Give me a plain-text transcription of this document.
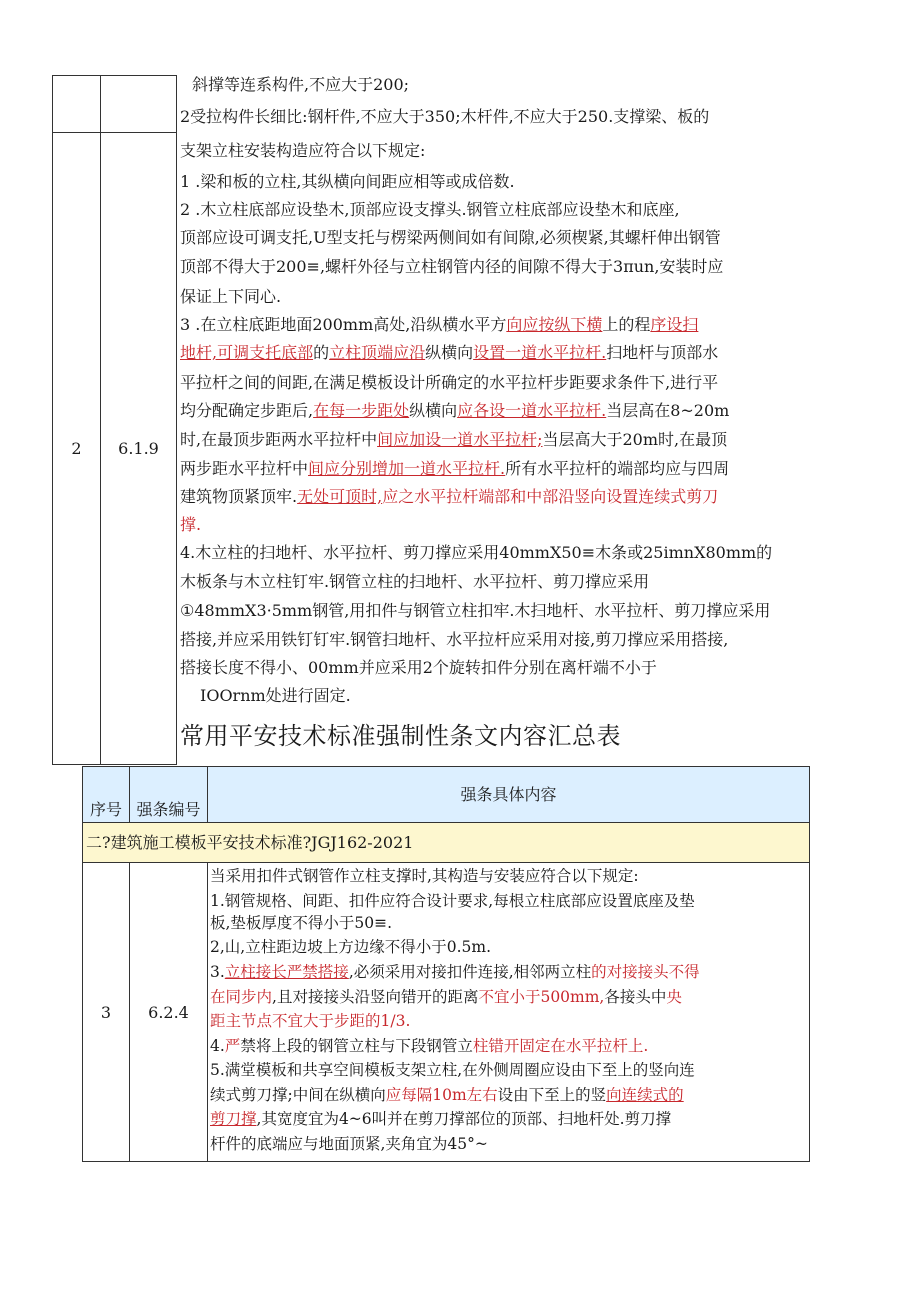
2 6.1.9
斜撑等连系构件,不应大于200;
2受拉构件长细比:钢杆件,不应大于350;木杆件,不应大于250.支撑梁、板的
支架立柱安装构造应符合以下规定:
1 .梁和板的立柱,其纵横向间距应相等或成倍数.
2 .木立柱底部应设垫木,顶部应设支撑头.钢管立柱底部应设垫木和底座,
顶部应设可调支托,U型支托与楞梁两侧间如有间隙,必须楔紧,其螺杆伸出钢管
顶部不得大于200≡,螺杆外径与立柱钢管内径的间隙不得大于3πun,安装时应
保证上下同心.
3 .在立柱底距地面200mm高处,沿纵横水平方向应按纵下横上的程序设扫
地杆,可调支托底部的立柱顶端应沿纵横向设置一道水平拉杆.扫地杆与顶部水
平拉杆之间的间距,在满足模板设计所确定的水平拉杆步距要求条件下,进行平
均分配确定步距后,在每一步距处纵横向应各设一道水平拉杆.当层高在8~20m
时,在最顶步距两水平拉杆中间应加设一道水平拉杆;当层高大于20m时,在最顶
两步距水平拉杆中间应分别增加一道水平拉杆.所有水平拉杆的端部均应与四周
建筑物顶紧顶牢.无处可顶时,应之水平拉杆端部和中部沿竖向设置连续式剪刀
撑.
4.木立柱的扫地杆、水平拉杆、剪刀撑应采用40mmX50≡木条或25imnX80mm的
木板条与木立柱钉牢.钢管立柱的扫地杆、水平拉杆、剪刀撑应采用
①48mmX3·5mm钢管,用扣件与钢管立柱扣牢.木扫地杆、水平拉杆、剪刀撑应采用
搭接,并应采用铁钉钉牢.钢管扫地杆、水平拉杆应采用对接,剪刀撑应采用搭接,
搭接长度不得小、00mm并应采用2个旋转扣件分别在离杆端不小于
IOOrnm处进行固定.
常用平安技术标准强制性条文内容汇总表
序号 强条编号
强条具体内容
二?建筑施工模板平安技术标准?JGJ162-2021
3 6.2.4
当采用扣件式钢管作立柱支撑时,其构造与安装应符合以下规定:
1.钢管规格、间距、扣件应符合设计要求,每根立柱底部应设置底座及垫
板,垫板厚度不得小于50≡.
2,山,立柱距边坡上方边缘不得小于0.5m.
3.立柱接长严禁搭接,必须采用对接扣件连接,相邻两立柱的对接接头不得
在同步内,且对接接头沿竖向错开的距离不宜小于500mm,各接头中央
距主节点不宜大于步距的1/3.
4.严禁将上段的钢管立柱与下段钢管立柱错开固定在水平拉杆上.
5.满堂模板和共享空间模板支架立柱,在外侧周圈应设由下至上的竖向连
续式剪刀撑;中间在纵横向应每隔10m左右设由下至上的竖向连续式的
剪刀撑,其宽度宜为4~6叫并在剪刀撑部位的顶部、扫地杆处.剪刀撑
杆件的底端应与地面顶紧,夹角宜为45°~
